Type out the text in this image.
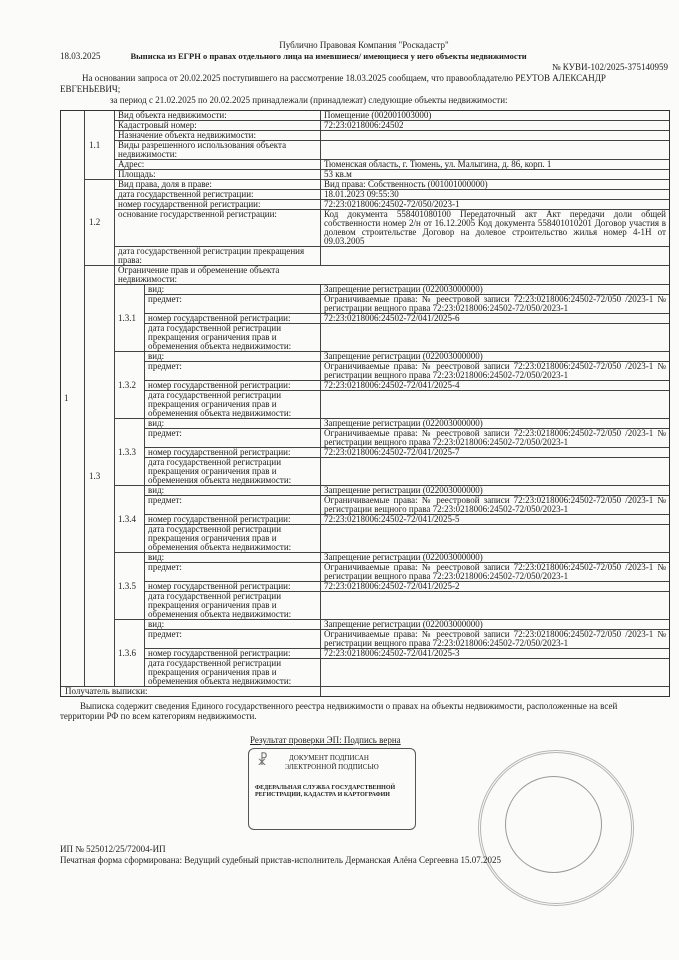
Публично Правовая Компания "Роскадастр"
18.03.2025	Выписка из ЕГРН о правах отдельного лица на имевшиеся/ имеющиеся у него объекты недвижимости
№ КУВИ-102/2025-375140959
На основании запроса от 20.02.2025 поступившего на рассмотрение 18.03.2025 сообщаем, что правообладателю РЕУТОВ АЛЕКСАНДР
ЕВГЕНЬЕВИЧ;
за период с 21.02.2025 по 20.02.2025 принадлежали (принадлежат) следующие объекты недвижимости:
1
1.1
Вид объекта недвижимости:	Помещение (002001003000)
Кадастровый номер:	72:23:0218006:24502
Назначение объекта недвижимости:
Виды разрешенного использования объекта недвижимости:
Адрес:	Тюменская область, г. Тюмень, ул. Малыгина, д. 86, корп. 1
Площадь:	53 кв.м
1.2
Вид права, доля в праве:	Вид права: Собственность (001001000000)
дата государственной регистрации:	18.01.2023 09:55:30
номер государственной регистрации:	72:23:0218006:24502-72/050/2023-1
основание государственной регистрации:	Код документа 558401080100 Передаточный акт Акт передачи доли общей собственности номер 2/н от 16.12.2005 Код документа 558401010201 Договор участия в долевом строительстве Договор на долевое строительство жилья номер 4-1Н от 09.03.2005
дата государственной регистрации прекращения права:
1.3
Ограничение прав и обременение объекта недвижимости:
1.3.1
вид:	Запрещение регистрации (022003000000)
предмет:	Ограничиваемые права: № реестровой записи 72:23:0218006:24502-72/050 /2023-1 № регистрации вещного права 72:23:0218006:24502-72/050/2023-1
номер государственной регистрации:	72:23:0218006:24502-72/041/2025-6
дата государственной регистрации прекращения ограничения прав и обременения объекта недвижимости:
1.3.2
вид:	Запрещение регистрации (022003000000)
предмет:	Ограничиваемые права: № реестровой записи 72:23:0218006:24502-72/050 /2023-1 № регистрации вещного права 72:23:0218006:24502-72/050/2023-1
номер государственной регистрации:	72:23:0218006:24502-72/041/2025-4
дата государственной регистрации прекращения ограничения прав и обременения объекта недвижимости:
1.3.3
вид:	Запрещение регистрации (022003000000)
предмет:	Ограничиваемые права: № реестровой записи 72:23:0218006:24502-72/050 /2023-1 № регистрации вещного права 72:23:0218006:24502-72/050/2023-1
номер государственной регистрации:	72:23:0218006:24502-72/041/2025-7
дата государственной регистрации прекращения ограничения прав и обременения объекта недвижимости:
1.3.4
вид:	Запрещение регистрации (022003000000)
предмет:	Ограничиваемые права: № реестровой записи 72:23:0218006:24502-72/050 /2023-1 № регистрации вещного права 72:23:0218006:24502-72/050/2023-1
номер государственной регистрации:	72:23:0218006:24502-72/041/2025-5
дата государственной регистрации прекращения ограничения прав и обременения объекта недвижимости:
1.3.5
вид:	Запрещение регистрации (022003000000)
предмет:	Ограничиваемые права: № реестровой записи 72:23:0218006:24502-72/050 /2023-1 № регистрации вещного права 72:23:0218006:24502-72/050/2023-1
номер государственной регистрации:	72:23:0218006:24502-72/041/2025-2
дата государственной регистрации прекращения ограничения прав и обременения объекта недвижимости:
1.3.6
вид:	Запрещение регистрации (022003000000)
предмет:	Ограничиваемые права: № реестровой записи 72:23:0218006:24502-72/050 /2023-1 № регистрации вещного права 72:23:0218006:24502-72/050/2023-1
номер государственной регистрации:	72:23:0218006:24502-72/041/2025-3
дата государственной регистрации прекращения ограничения прав и обременения объекта недвижимости:
Получатель выписки:
Выписка содержит сведения Единого государственного реестра недвижимости о правах на объекты недвижимости, расположенные на всей территории РФ по всем категориям недвижимости.
Результат проверки ЭП: Подпись верна
☧	ДОКУМЕНТ ПОДПИСАН
ЭЛЕКТРОННОЙ ПОДПИСЬЮ
ФЕДЕРАЛЬНАЯ СЛУЖБА ГОСУДАРСТВЕННОЙ РЕГИСТРАЦИИ, КАДАСТРА И КАРТОГРАФИИ
ИП № 525012/25/72004-ИП
Печатная форма сформирована: Ведущий судебный пристав-исполнитель Дерманская Алёна Сергеевна 15.07.2025
